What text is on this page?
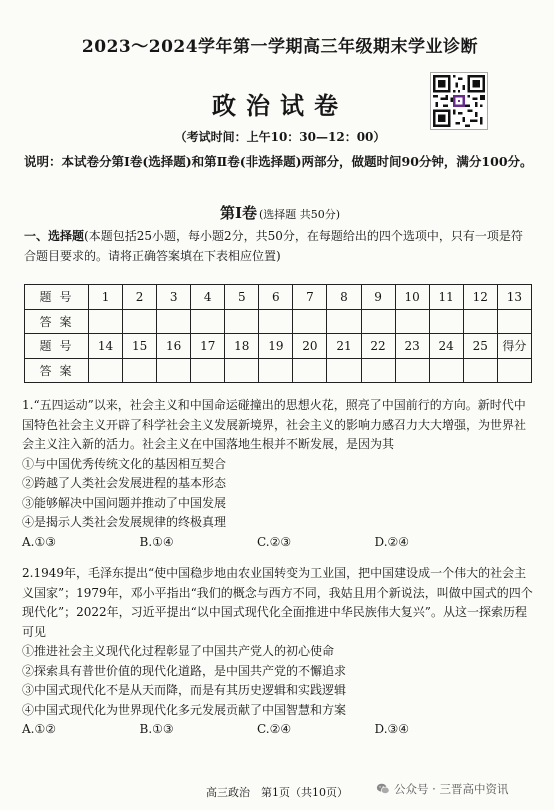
2023～2024学年第一学期高三年级期末学业诊断
政治试卷
（考试时间：上午10：30—12：00）
说明：本试卷分第Ⅰ卷(选择题)和第Ⅱ卷(非选择题)两部分，做题时间90分钟，满分100分。
第Ⅰ卷 (选择题 共50分)
一、选择题(本题包括25小题，每小题2分，共50分，在每题给出的四个选项中，只有一项是符合题目要求的。请将正确答案填在下表相应位置)
题号	1	2	3	4	5	6	7	8	9	10	11	12	13
答案													
题号	14	15	16	17	18	19	20	21	22	23	24	25	得分
答案													
1.“五四运动”以来，社会主义和中国命运碰撞出的思想火花，照亮了中国前行的方向。新时代中国特色社会主义开辟了科学社会主义发展新境界，社会主义的影响力感召力大大增强，为世界社会主义注入新的活力。社会主义在中国落地生根并不断发展，是因为其
①与中国优秀传统文化的基因相互契合
②跨越了人类社会发展进程的基本形态
③能够解决中国问题并推动了中国发展
④是揭示人类社会发展规律的终极真理
A.①③	B.①④	C.②③	D.②④
2.1949年，毛泽东提出“使中国稳步地由农业国转变为工业国，把中国建设成一个伟大的社会主义国家”；1979年，邓小平指出“我们的概念与西方不同，我姑且用个新说法，叫做中国式的四个现代化”；2022年，习近平提出“以中国式现代化全面推进中华民族伟大复兴”。从这一探索历程可见
①推进社会主义现代化过程彰显了中国共产党人的初心使命
②探索具有普世价值的现代化道路，是中国共产党的不懈追求
③中国式现代化不是从天而降，而是有其历史逻辑和实践逻辑
④中国式现代化为世界现代化多元发展贡献了中国智慧和方案
A.①②	B.①③	C.②④	D.③④
高三政治　第1页（共10页）	公众号 · 三晋高中资讯
